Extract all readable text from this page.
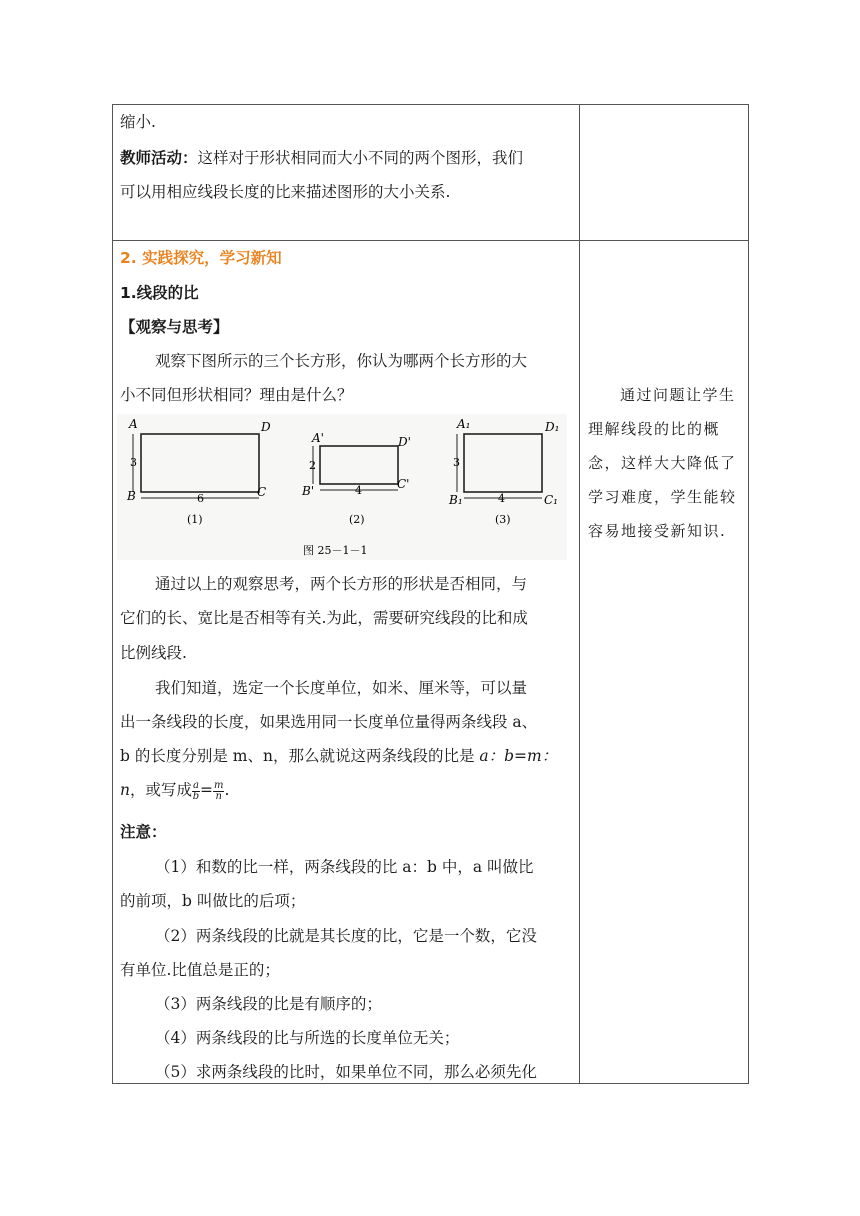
缩小.
教师活动：这样对于形状相同而大小不同的两个图形，我们
可以用相应线段长度的比来描述图形的大小关系.
2. 实践探究，学习新知
1.线段的比
【观察与思考】
观察下图所示的三个长方形，你认为哪两个长方形的大
小不同但形状相同？理由是什么？
A	D
B	C
3
6
(1)
A'	D'
B'	C'
2
4
(2)
A₁	D₁
B₁	C₁
3
4
(3)
图 25－1－1
通过以上的观察思考，两个长方形的形状是否相同，与
它们的长、宽比是否相等有关.为此，需要研究线段的比和成
比例线段.
我们知道，选定一个长度单位，如米、厘米等，可以量
出一条线段的长度，如果选用同一长度单位量得两条线段 a、
b 的长度分别是 m、n，那么就说这两条线段的比是 a：b=m：
n，或写成 $\frac{a}{b} = \frac{m}{n}$ .
注意：
（1）和数的比一样，两条线段的比 a：b 中，a 叫做比
的前项，b 叫做比的后项；
（2）两条线段的比就是其长度的比，它是一个数，它没
有单位.比值总是正的；
（3）两条线段的比是有顺序的；
（4）两条线段的比与所选的长度单位无关；
（5）求两条线段的比时，如果单位不同，那么必须先化
通过问题让学生
理解线段的比的概
念，这样大大降低了
学习难度，学生能较
容易地接受新知识.
